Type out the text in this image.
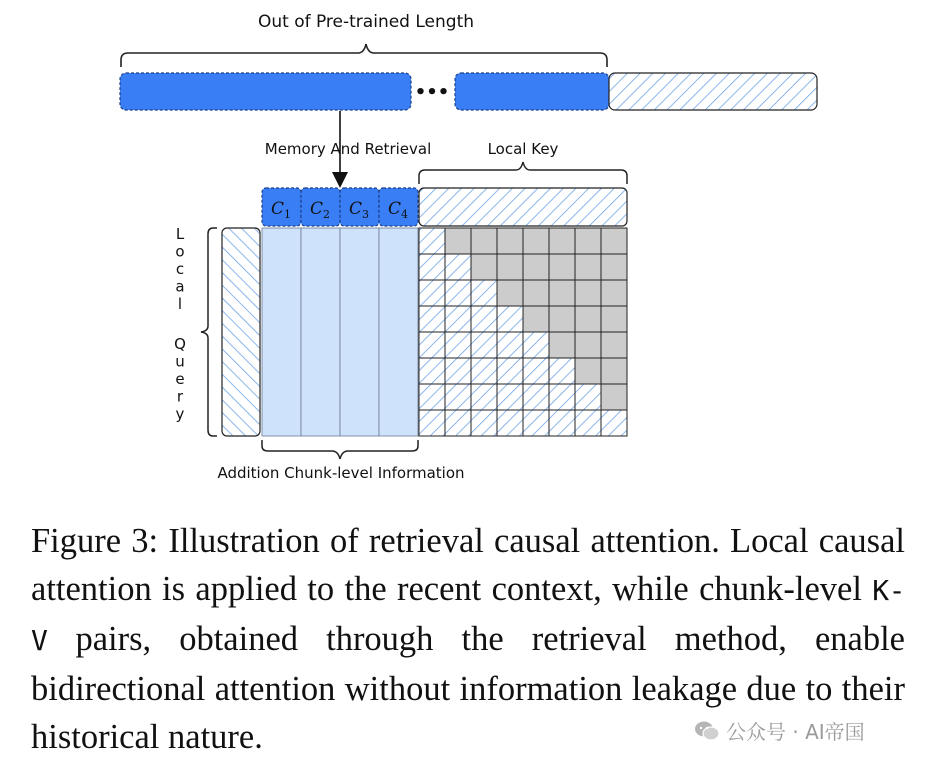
Out of Pre-trained Length
•••
Memory And Retrieval	Local Key
$C_1$ $C_2$ $C_3$ $C_4$
L
o
c
a
l
Q
u
e
r
y
Addition Chunk-level Information

Figure 3: Illustration of retrieval causal attention. Local causal attention is applied to the recent context, while chunk-level K-V pairs, obtained through the retrieval method, enable bidirectional attention without information leakage due to their historical nature.	公众号 · AI帝国
